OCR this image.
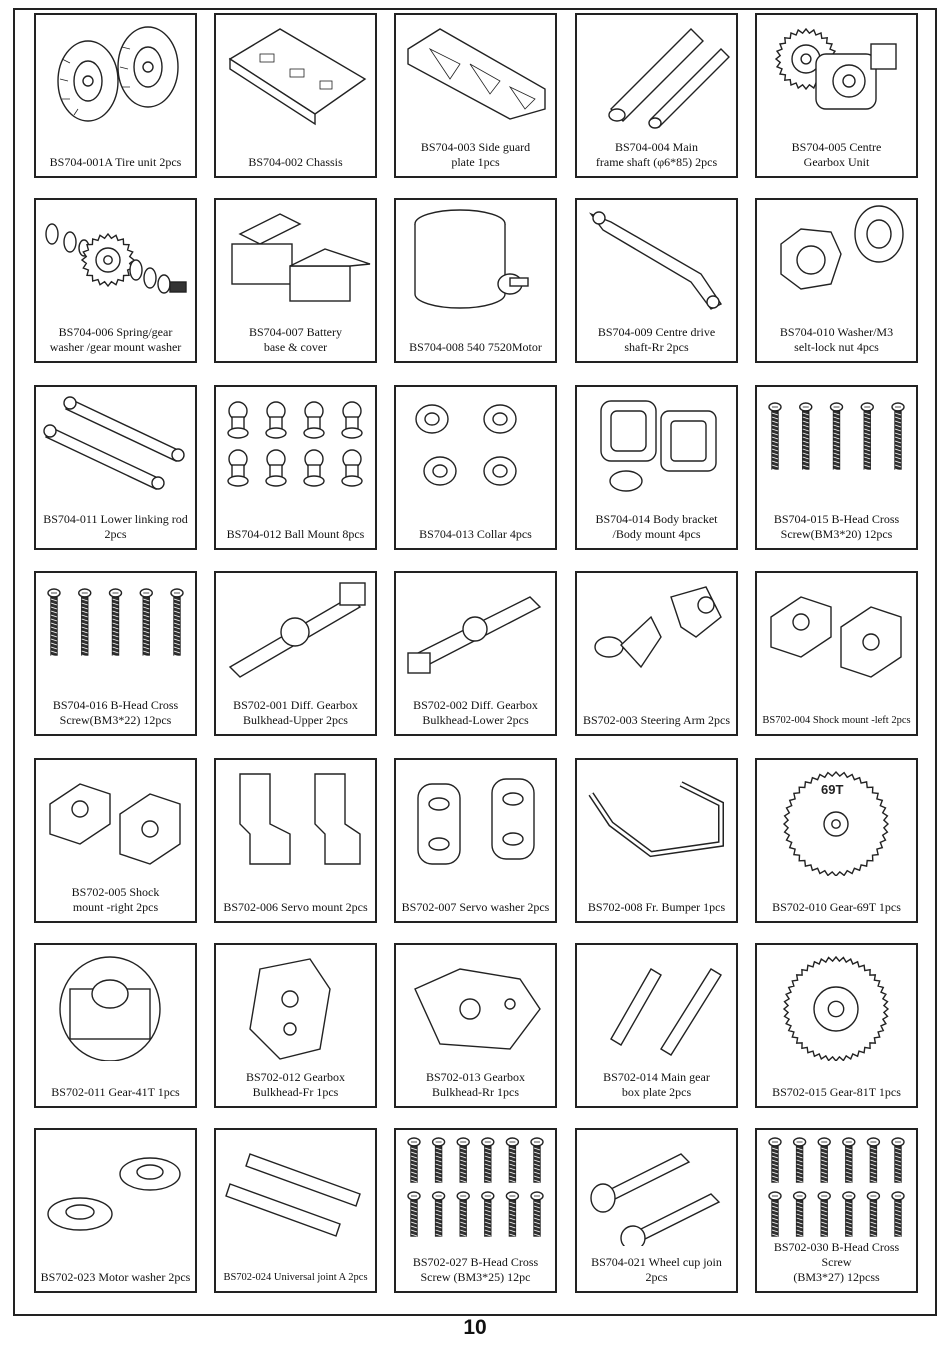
BS704-001A Tire unit 2pcs	BS704-002 Chassis
BS704-003 Side guard
plate 1pcs
BS704-004 Main
frame shaft (φ6*85) 2pcs
BS704-005 Centre
Gearbox Unit
BS704-006 Spring/gear
washer /gear mount washer
BS704-007 Battery
base & cover	BS704-008 540 7520Motor
BS704-009 Centre drive
shaft-Rr 2pcs
BS704-010 Washer/M3
selt-lock nut 4pcs
BS704-011 Lower linking rod
2pcs	BS704-012 Ball Mount 8pcs	BS704-013 Collar 4pcs
BS704-014 Body bracket
/Body mount 4pcs
BS704-015 B-Head Cross
Screw(BM3*20) 12pcs
BS704-016 B-Head Cross
Screw(BM3*22) 12pcs
BS702-001 Diff. Gearbox
Bulkhead-Upper 2pcs
BS702-002 Diff. Gearbox
Bulkhead-Lower 2pcs	BS702-003 Steering Arm 2pcs	BS702-004 Shock mount -left 2pcs
BS702-005 Shock
mount -right 2pcs	BS702-006 Servo mount 2pcs	BS702-007 Servo washer 2pcs	BS702-008 Fr. Bumper 1pcs
69T
BS702-010 Gear-69T 1pcs
BS702-011 Gear-41T 1pcs
BS702-012 Gearbox
Bulkhead-Fr 1pcs
BS702-013 Gearbox
Bulkhead-Rr 1pcs
BS702-014 Main gear
box plate 2pcs	BS702-015 Gear-81T 1pcs
BS702-023 Motor washer 2pcs	BS702-024 Universal joint A 2pcs
BS702-027 B-Head Cross
Screw (BM3*25) 12pc
BS704-021 Wheel cup join 2pcs
BS702-030 B-Head Cross Screw
(BM3*27) 12pcss
10
